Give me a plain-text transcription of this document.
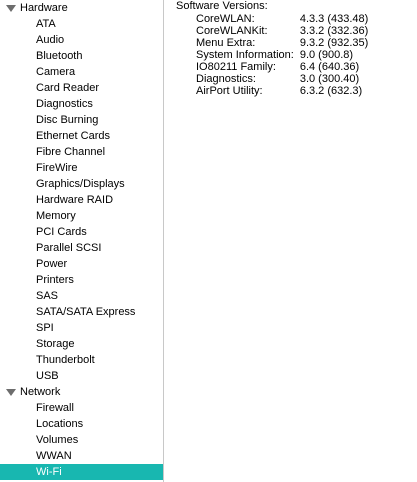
Hardware
ATA
Audio
Bluetooth
Camera
Card Reader
Diagnostics
Disc Burning
Ethernet Cards
Fibre Channel
FireWire
Graphics/Displays
Hardware RAID
Memory
PCI Cards
Parallel SCSI
Power
Printers
SAS
SATA/SATA Express
SPI
Storage
Thunderbolt
USB
Network
Firewall
Locations
Volumes
WWAN
Wi-Fi
Software Versions:
CoreWLAN:	4.3.3 (433.48)
CoreWLANKit:	3.3.2 (332.36)
Menu Extra:	9.3.2 (932.35)
System Information:	9.0 (900.8)
IO80211 Family:	6.4 (640.36)
Diagnostics:	3.0 (300.40)
AirPort Utility:	6.3.2 (632.3)
